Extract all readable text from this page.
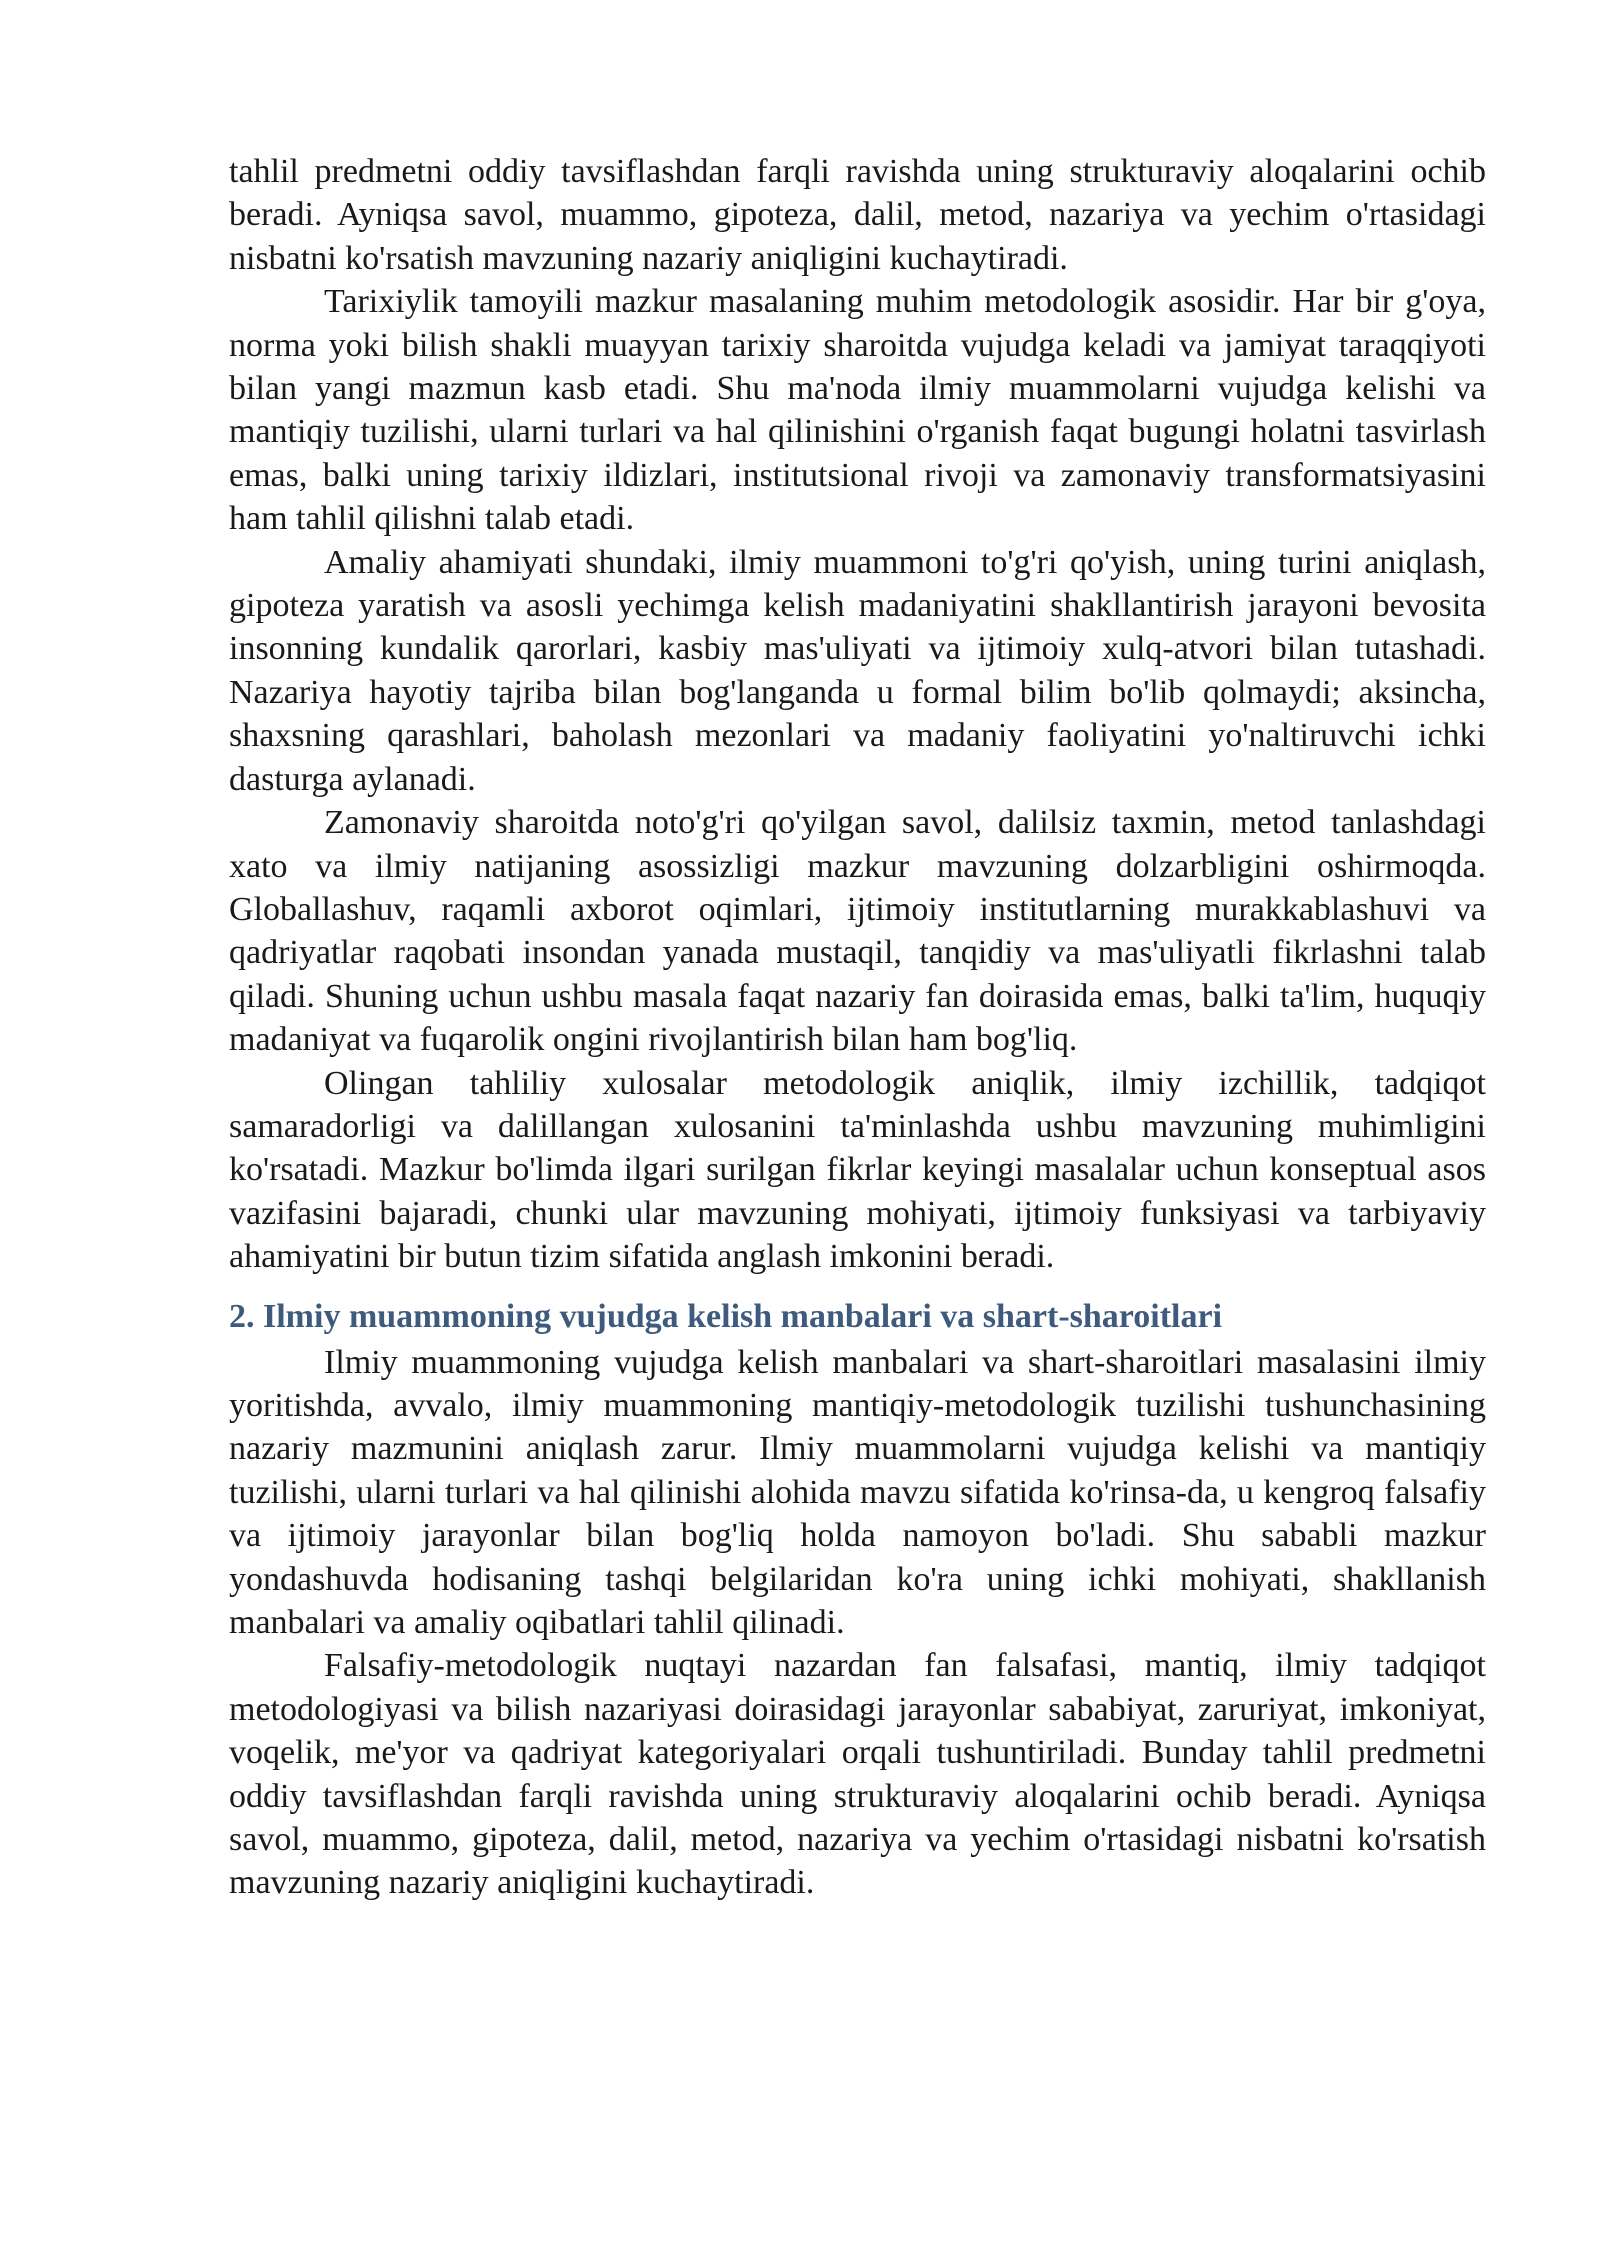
tahlil predmetni oddiy tavsiflashdan farqli ravishda uning strukturaviy aloqalarini ochib beradi. Ayniqsa savol, muammo, gipoteza, dalil, metod, nazariya va yechim o'rtasidagi nisbatni ko'rsatish mavzuning nazariy aniqligini kuchaytiradi.

Tarixiylik tamoyili mazkur masalaning muhim metodologik asosidir. Har bir g'oya, norma yoki bilish shakli muayyan tarixiy sharoitda vujudga keladi va jamiyat taraqqiyoti bilan yangi mazmun kasb etadi. Shu ma'noda ilmiy muammolarni vujudga kelishi va mantiqiy tuzilishi, ularni turlari va hal qilinishini o'rganish faqat bugungi holatni tasvirlash emas, balki uning tarixiy ildizlari, institutsional rivoji va zamonaviy transformatsiyasini ham tahlil qilishni talab etadi.

Amaliy ahamiyati shundaki, ilmiy muammoni to'g'ri qo'yish, uning turini aniqlash, gipoteza yaratish va asosli yechimga kelish madaniyatini shakllantirish jarayoni bevosita insonning kundalik qarorlari, kasbiy mas'uliyati va ijtimoiy xulq-atvori bilan tutashadi. Nazariya hayotiy tajriba bilan bog'langanda u formal bilim bo'lib qolmaydi; aksincha, shaxsning qarashlari, baholash mezonlari va madaniy faoliyatini yo'naltiruvchi ichki dasturga aylanadi.

Zamonaviy sharoitda noto'g'ri qo'yilgan savol, dalilsiz taxmin, metod tanlashdagi xato va ilmiy natijaning asossizligi mazkur mavzuning dolzarbligini oshirmoqda. Globallashuv, raqamli axborot oqimlari, ijtimoiy institutlarning murakkablashuvi va qadriyatlar raqobati insondan yanada mustaqil, tanqidiy va mas'uliyatli fikrlashni talab qiladi. Shuning uchun ushbu masala faqat nazariy fan doirasida emas, balki ta'lim, huquqiy madaniyat va fuqarolik ongini rivojlantirish bilan ham bog'liq.

Olingan tahliliy xulosalar metodologik aniqlik, ilmiy izchillik, tadqiqot samaradorligi va dalillangan xulosanini ta'minlashda ushbu mavzuning muhimligini ko'rsatadi. Mazkur bo'limda ilgari surilgan fikrlar keyingi masalalar uchun konseptual asos vazifasini bajaradi, chunki ular mavzuning mohiyati, ijtimoiy funksiyasi va tarbiyaviy ahamiyatini bir butun tizim sifatida anglash imkonini beradi.

2. Ilmiy muammoning vujudga kelish manbalari va shart-sharoitlari

Ilmiy muammoning vujudga kelish manbalari va shart-sharoitlari masalasini ilmiy yoritishda, avvalo, ilmiy muammoning mantiqiy-metodologik tuzilishi tushunchasining nazariy mazmunini aniqlash zarur. Ilmiy muammolarni vujudga kelishi va mantiqiy tuzilishi, ularni turlari va hal qilinishi alohida mavzu sifatida ko'rinsa-da, u kengroq falsafiy va ijtimoiy jarayonlar bilan bog'liq holda namoyon bo'ladi. Shu sababli mazkur yondashuvda hodisaning tashqi belgilaridan ko'ra uning ichki mohiyati, shakllanish manbalari va amaliy oqibatlari tahlil qilinadi.

Falsafiy-metodologik nuqtayi nazardan fan falsafasi, mantiq, ilmiy tadqiqot metodologiyasi va bilish nazariyasi doirasidagi jarayonlar sababiyat, zaruriyat, imkoniyat, voqelik, me'yor va qadriyat kategoriyalari orqali tushuntiriladi. Bunday tahlil predmetni oddiy tavsiflashdan farqli ravishda uning strukturaviy aloqalarini ochib beradi. Ayniqsa savol, muammo, gipoteza, dalil, metod, nazariya va yechim o'rtasidagi nisbatni ko'rsatish mavzuning nazariy aniqligini kuchaytiradi.
